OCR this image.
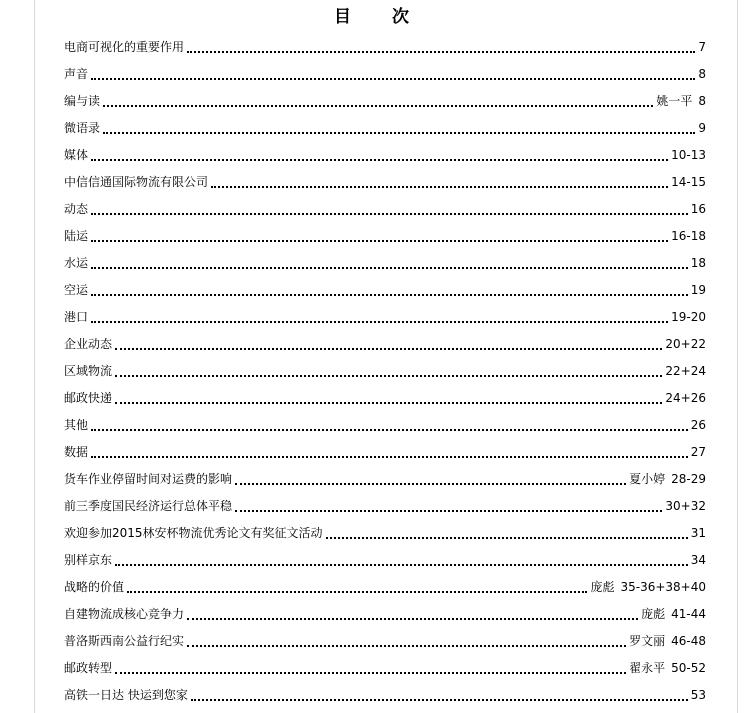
目　次
电商可视化的重要作用	7
声音	8
编与读	姚一平 8
微语录	9
媒体	10-13
中信信通国际物流有限公司	14-15
动态	16
陆运	16-18
水运	18
空运	19
港口	19-20
企业动态	20+22
区域物流	22+24
邮政快递	24+26
其他	26
数据	27
货车作业停留时间对运费的影响	夏小婷 28-29
前三季度国民经济运行总体平稳	30+32
欢迎参加2015林安杯物流优秀论文有奖征文活动	31
别样京东	34
战略的价值	庞彪 35-36+38+40
自建物流成核心竞争力	庞彪 41-44
普洛斯西南公益行纪实	罗文丽 46-48
邮政转型	翟永平 50-52
高铁一日达 快运到您家	53
